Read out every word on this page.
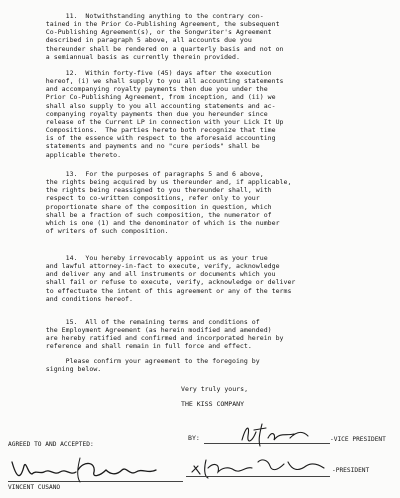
11.  Notwithstanding anything to the contrary con-
tained in the Prior Co-Publishing Agreement, the subsequent
Co-Publishing Agreement(s), or the Songwriter's Agreement
described in paragraph 5 above, all accounts due you
thereunder shall be rendered on a quarterly basis and not on
a semiannual basis as currently therein provided.
12.  Within forty-five (45) days after the execution
hereof, (i) we shall supply to you all accounting statements
and accompanying royalty payments then due you under the
Prior Co-Publishing Agreement, from inception, and (ii) we
shall also supply to you all accounting statements and ac-
companying royalty payments then due you hereunder since
release of the Current LP in connection with your Lick It Up
Compositions.  The parties hereto both recognize that time
is of the essence with respect to the aforesaid accounting
statements and payments and no "cure periods" shall be
applicable thereto.
13.  For the purposes of paragraphs 5 and 6 above,
the rights being acquired by us thereunder and, if applicable,
the rights being reassigned to you thereunder shall, with
respect to co-written compositions, refer only to your
proportionate share of the composition in question, which
shall be a fraction of such composition, the numerator of
which is one (1) and the denominator of which is the number
of writers of such composition.
14.  You hereby irrevocably appoint us as your true
and lawful attorney-in-fact to execute, verify, acknowledge
and deliver any and all instruments or documents which you
shall fail or refuse to execute, verify, acknowledge or deliver
to effectuate the intent of this agreement or any of the terms
and conditions hereof.
15.  All of the remaining terms and conditions of
the Employment Agreement (as herein modified and amended)
are hereby ratified and confirmed and incorporated herein by
reference and shall remain in full force and effect.
Please confirm your agreement to the foregoing by
signing below.
Very truly yours,
THE KISS COMPANY
BY:	-VICE PRESIDENT
AGREED TO AND ACCEPTED:
VINCENT CUSANO
-PRESIDENT
